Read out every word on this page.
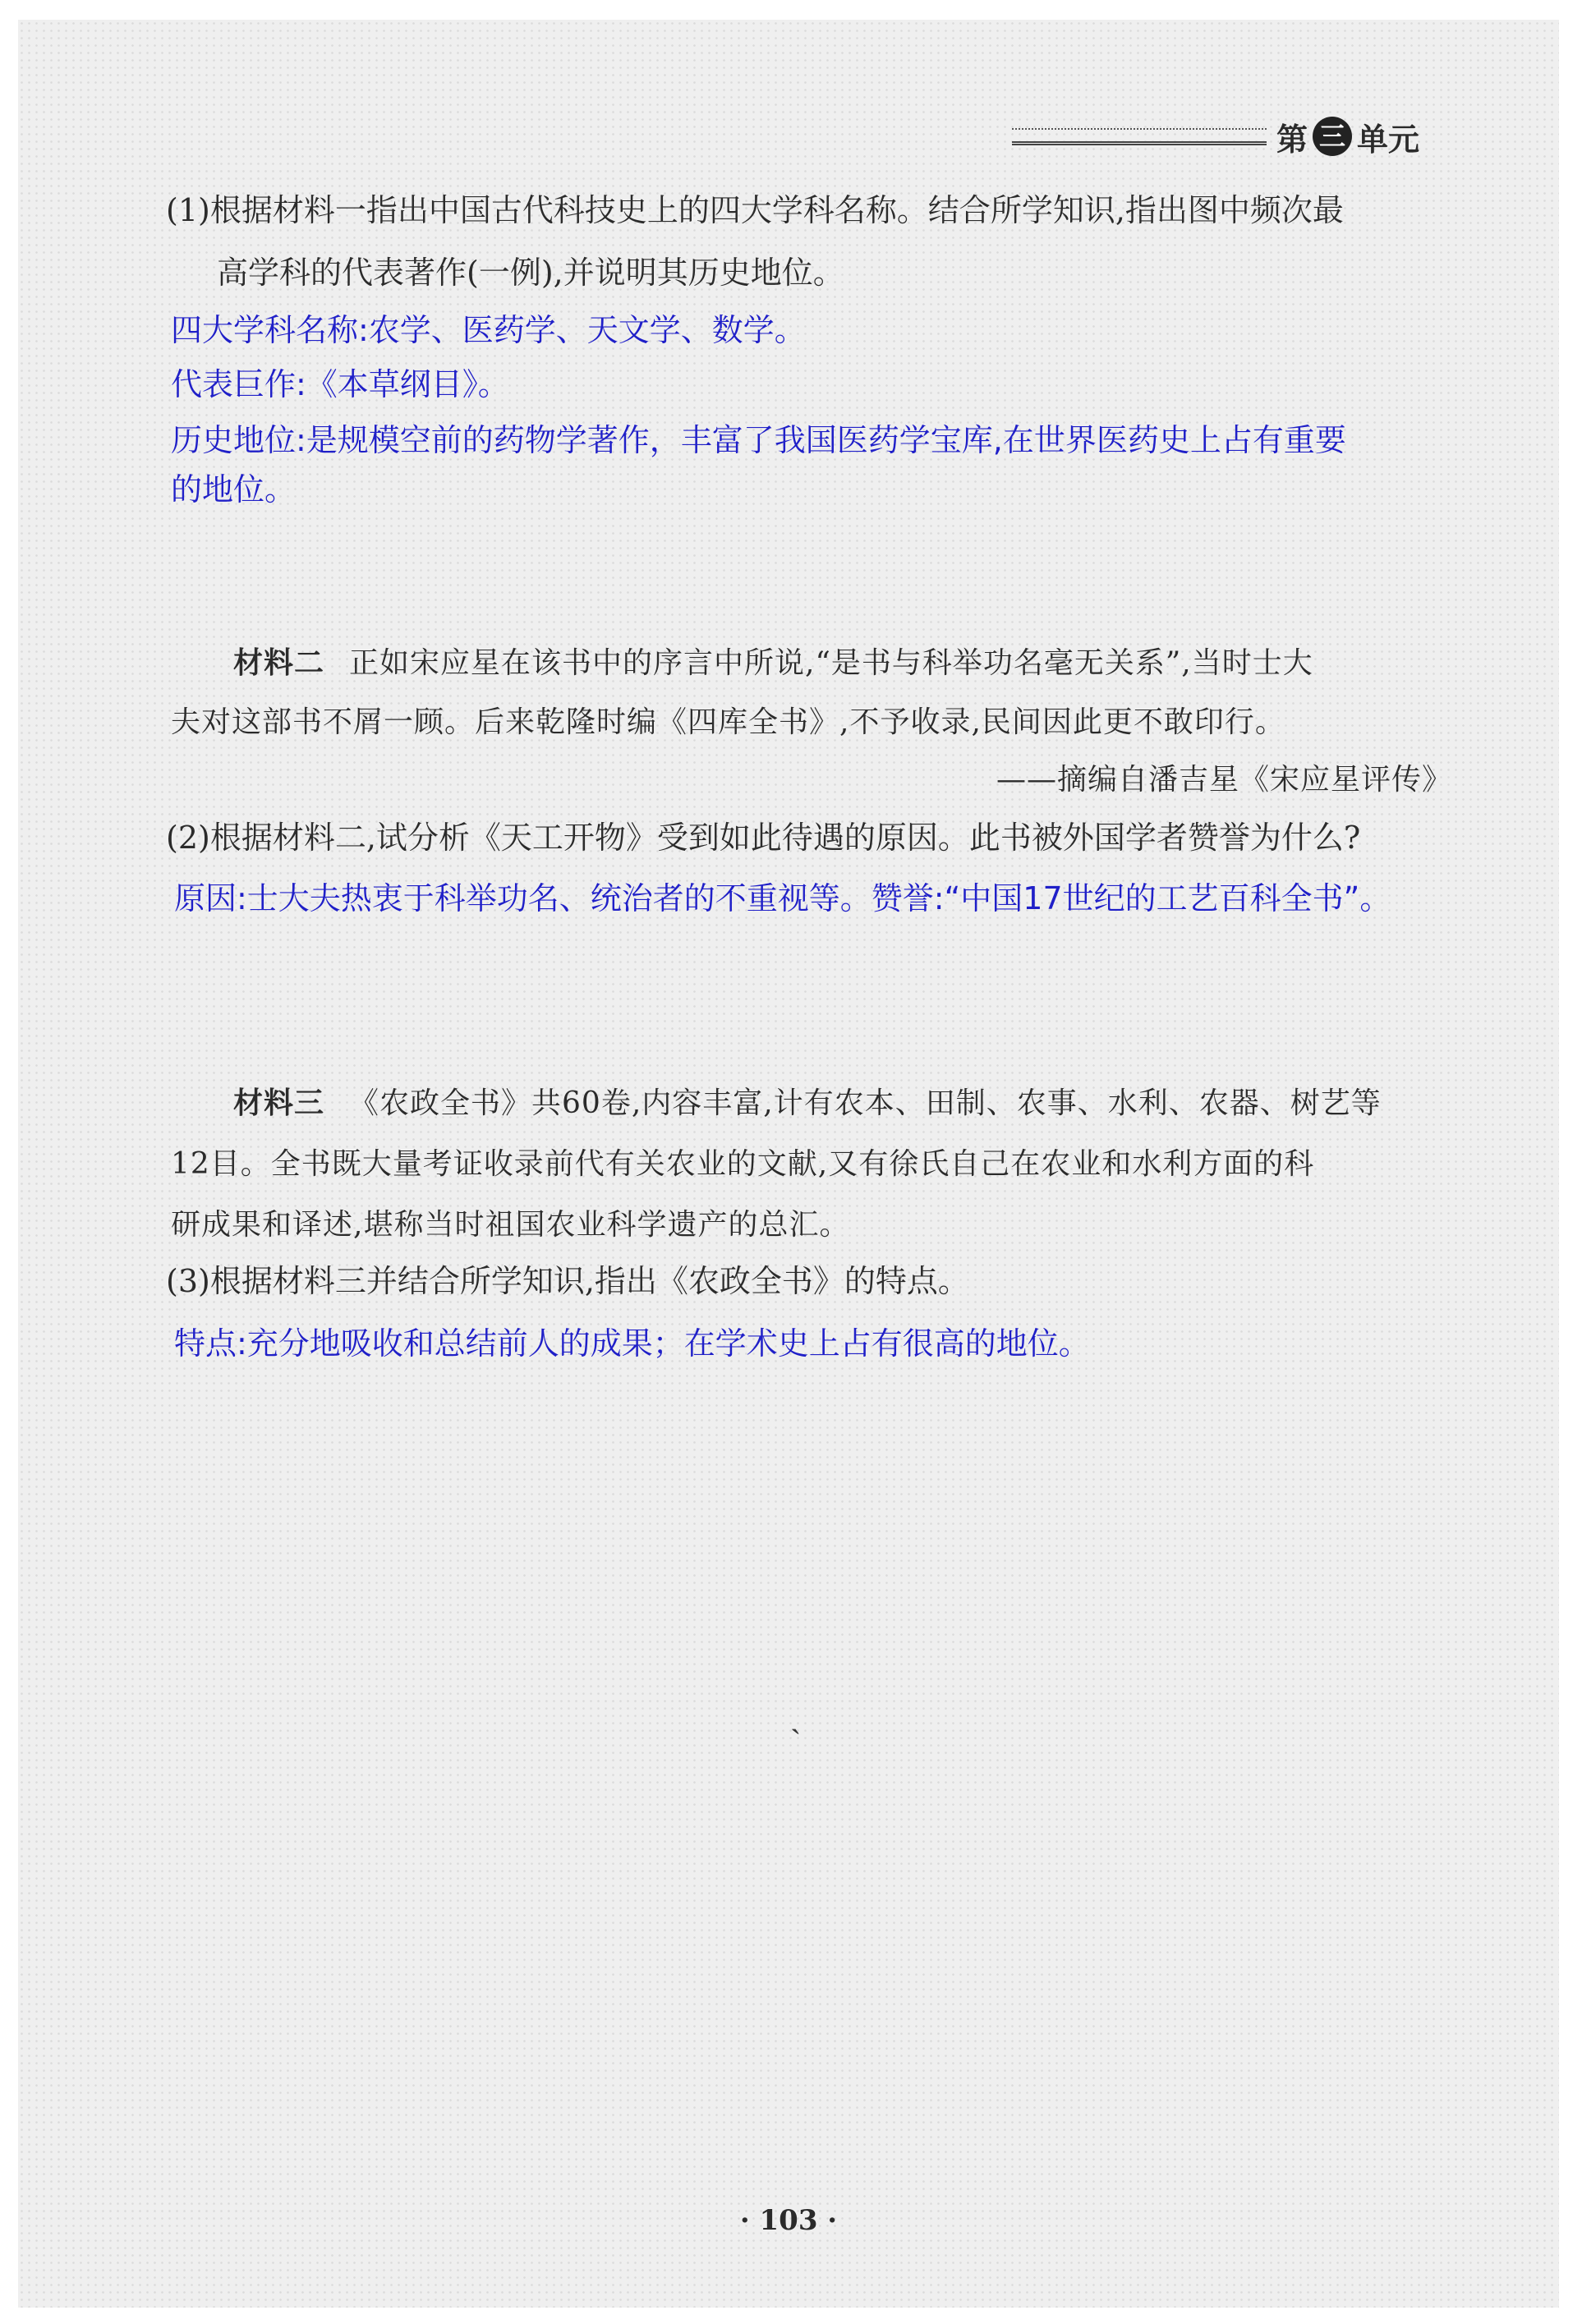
第 三 单元
(1)根据材料一指出中国古代科技史上的四大学科名称。结合所学知识,指出图中频次最
高学科的代表著作(一例),并说明其历史地位。
四大学科名称:农学、医药学、天文学、数学。
代表巨作:《本草纲目》。
历史地位:是规模空前的药物学著作，丰富了我国医药学宝库,在世界医药史上占有重要
的地位。
材料二 正如宋应星在该书中的序言中所说,“是书与科举功名毫无关系”,当时士大
夫对这部书不屑一顾。后来乾隆时编《四库全书》,不予收录,民间因此更不敢印行。
——摘编自潘吉星《宋应星评传》
(2)根据材料二,试分析《天工开物》受到如此待遇的原因。此书被外国学者赞誉为什么?
原因:士大夫热衷于科举功名、统治者的不重视等。赞誉:“中国17世纪的工艺百科全书”。
材料三 《农政全书》共60卷,内容丰富,计有农本、田制、农事、水利、农器、树艺等
12目。全书既大量考证收录前代有关农业的文献,又有徐氏自己在农业和水利方面的科
研成果和译述,堪称当时祖国农业科学遗产的总汇。
(3)根据材料三并结合所学知识,指出《农政全书》的特点。
特点:充分地吸收和总结前人的成果；在学术史上占有很高的地位。
ˏ
· 103 ·
